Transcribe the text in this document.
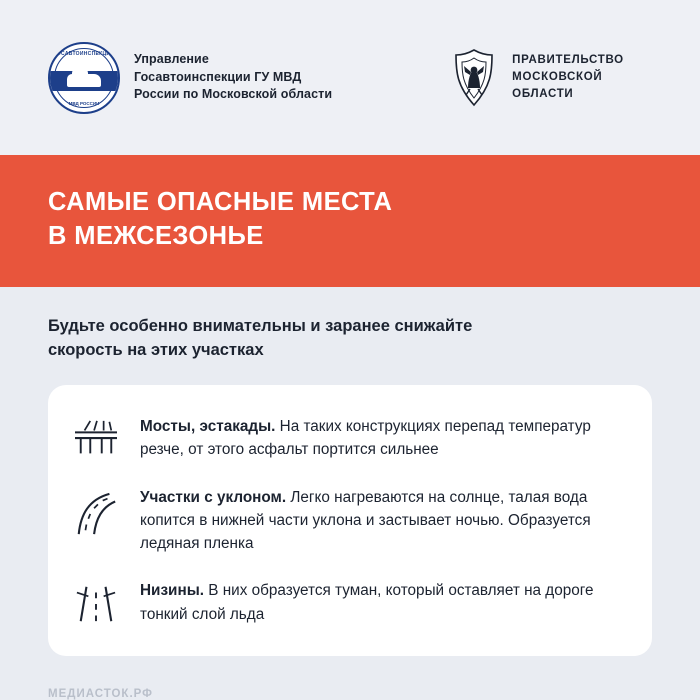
ГОСАВТОИНСПЕКЦИЯ
МВД РОССИИ
Управление
Госавтоинспекции ГУ МВД
России по Московской области
ПРАВИТЕЛЬСТВО
МОСКОВСКОЙ
ОБЛАСТИ
САМЫЕ ОПАСНЫЕ МЕСТА
В МЕЖСЕЗОНЬЕ
Будьте особенно внимательны и заранее снижайте
скорость на этих участках
Мосты, эстакады. На таких конструкциях перепад температур резче, от этого асфальт портится сильнее
Участки с уклоном. Легко нагреваются на солнце, талая вода копится в нижней части уклона и застывает ночью. Образуется ледяная пленка
Низины. В них образуется туман, который оставляет на дороге тонкий слой льда
МЕДИАСТОК.РФ
